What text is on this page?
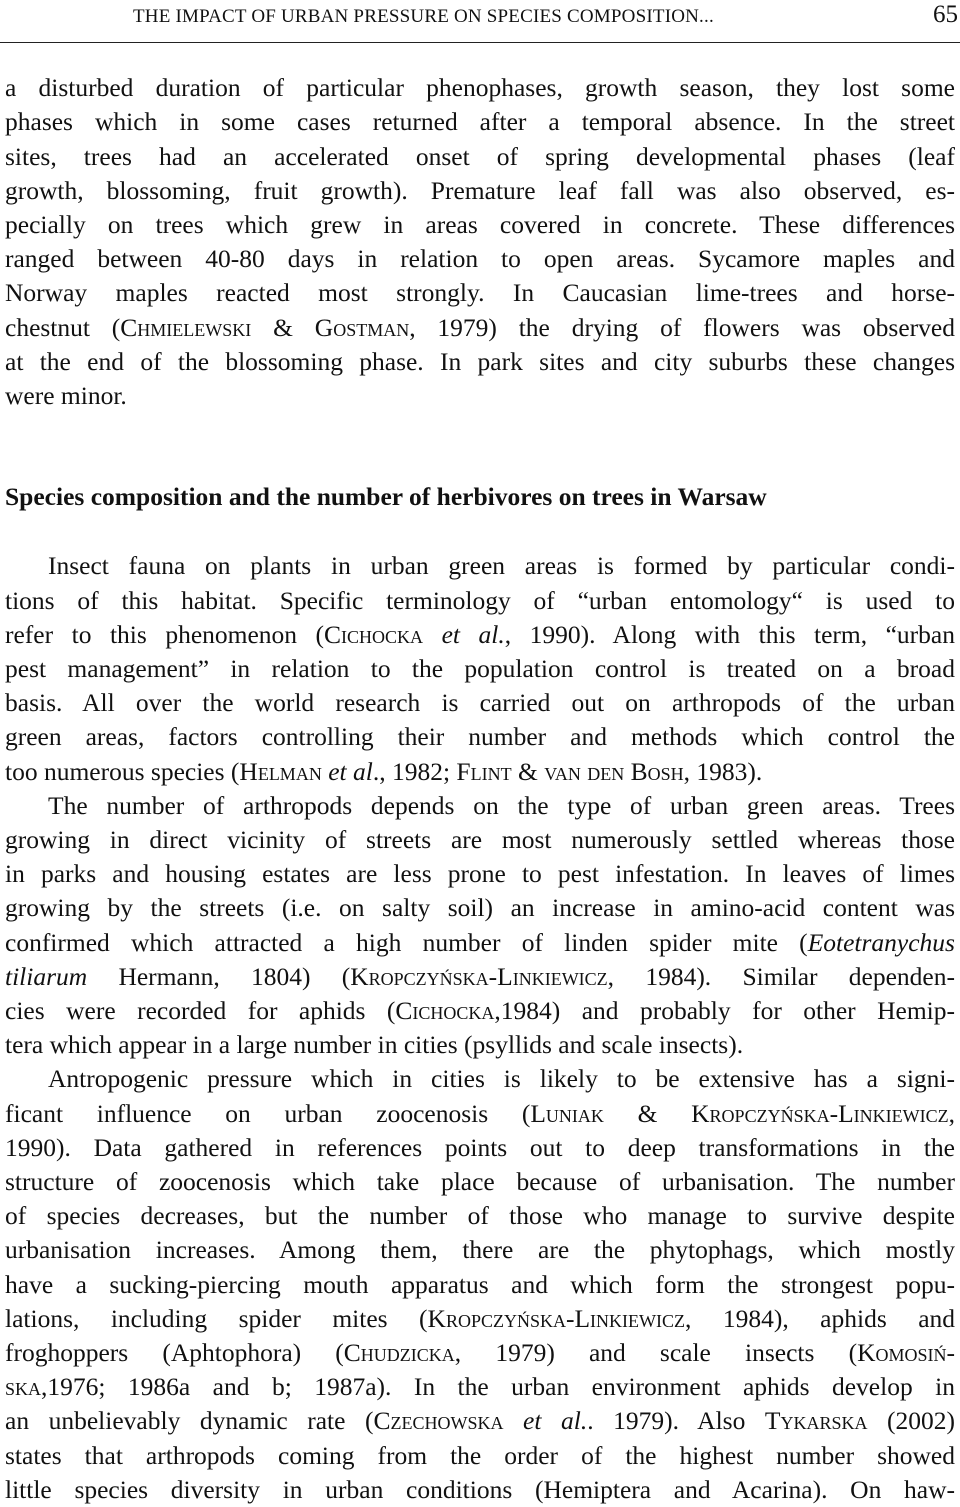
THE IMPACT OF URBAN PRESSURE ON SPECIES COMPOSITION...	65
a disturbed duration of particular phenophases, growth season, they lost some
phases which in some cases returned after a temporal absence. In the street
sites, trees had an accelerated onset of spring developmental phases (leaf
growth, blossoming, fruit growth). Premature leaf fall was also observed, es-
pecially on trees which grew in areas covered in concrete. These differences
ranged between 40-80 days in relation to open areas. Sycamore maples and
Norway maples reacted most strongly. In Caucasian lime-trees and horse-
chestnut (Chmielewski & Gostman, 1979) the drying of flowers was observed
at the end of the blossoming phase. In park sites and city suburbs these changes
were minor.
Species composition and the number of herbivores on trees in Warsaw
Insect fauna on plants in urban green areas is formed by particular condi-
tions of this habitat. Specific terminology of “urban entomology“ is used to
refer to this phenomenon (Cichocka et al., 1990). Along with this term, “urban
pest management” in relation to the population control is treated on a broad
basis. All over the world research is carried out on arthropods of the urban
green areas, factors controlling their number and methods which control the
too numerous species (Helman et al., 1982; Flint & van den Bosh, 1983).
The number of arthropods depends on the type of urban green areas. Trees
growing in direct vicinity of streets are most numerously settled whereas those
in parks and housing estates are less prone to pest infestation. In leaves of limes
growing by the streets (i.e. on salty soil) an increase in amino-acid content was
confirmed which attracted a high number of linden spider mite (Eotetranychus
tiliarum Hermann, 1804) (Kropczyńska-Linkiewicz, 1984). Similar dependen-
cies were recorded for aphids (Cichocka,1984) and probably for other Hemip-
tera which appear in a large number in cities (psyllids and scale insects).
Antropogenic pressure which in cities is likely to be extensive has a signi-
ficant influence on urban zoocenosis (Luniak & Kropczyńska-Linkiewicz,
1990). Data gathered in references points out to deep transformations in the
structure of zoocenosis which take place because of urbanisation. The number
of species decreases, but the number of those who manage to survive despite
urbanisation increases. Among them, there are the phytophags, which mostly
have a sucking-piercing mouth apparatus and which form the strongest popu-
lations, including spider mites (Kropczyńska-Linkiewicz, 1984), aphids and
froghoppers (Aphtophora) (Chudzicka, 1979) and scale insects (Komosiń-
ska,1976; 1986a and b; 1987a). In the urban environment aphids develop in
an unbelievably dynamic rate (Czechowska et al.. 1979). Also Tykarska (2002)
states that arthropods coming from the order of the highest number showed
little species diversity in urban conditions (Hemiptera and Acarina). On haw-
